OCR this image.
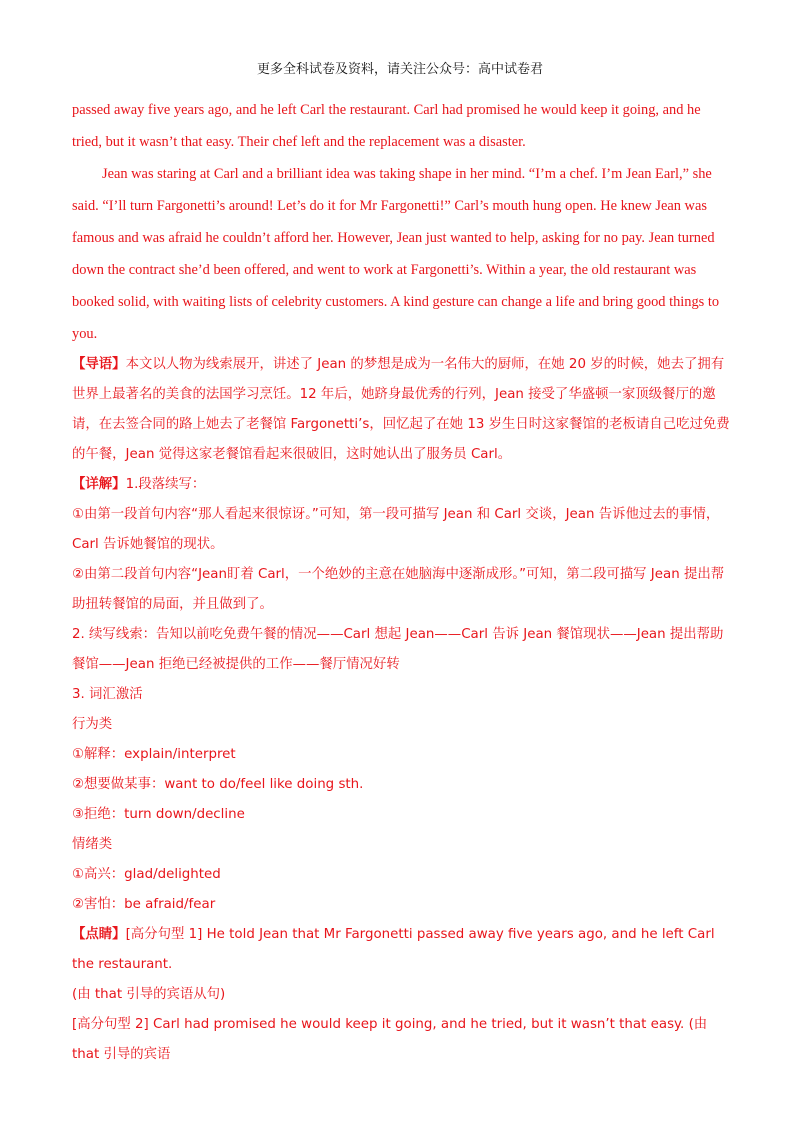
更多全科试卷及资料，请关注公众号：高中试卷君

passed away five years ago, and he left Carl the restaurant. Carl had promised he would keep it going, and he tried, but it wasn’t that easy. Their chef left and the replacement was a disaster.

Jean was staring at Carl and a brilliant idea was taking shape in her mind. “I’m a chef. I’m Jean Earl,” she said. “I’ll turn Fargonetti’s around! Let’s do it for Mr Fargonetti!” Carl’s mouth hung open. He knew Jean was famous and was afraid he couldn’t afford her. However, Jean just wanted to help, asking for no pay. Jean turned down the contract she’d been offered, and went to work at Fargonetti’s. Within a year, the old restaurant was booked solid, with waiting lists of celebrity customers. A kind gesture can change a life and bring good things to you.

【导语】本文以人物为线索展开，讲述了 Jean 的梦想是成为一名伟大的厨师，在她 20 岁的时候，她去了拥有世界上最著名的美食的法国学习烹饪。12 年后，她跻身最优秀的行列，Jean 接受了华盛顿一家顶级餐厅的邀请，在去签合同的路上她去了老餐馆 Fargonetti’s，回忆起了在她 13 岁生日时这家餐馆的老板请自己吃过免费的午餐，Jean 觉得这家老餐馆看起来很破旧，这时她认出了服务员 Carl。

【详解】1.段落续写：

①由第一段首句内容“那人看起来很惊讶。”可知，第一段可描写 Jean 和 Carl 交谈，Jean 告诉他过去的事情，Carl 告诉她餐馆的现状。

②由第二段首句内容“Jean盯着 Carl，一个绝妙的主意在她脑海中逐渐成形。”可知，第二段可描写 Jean 提出帮助扭转餐馆的局面，并且做到了。

2. 续写线索：告知以前吃免费午餐的情况——Carl 想起 Jean——Carl 告诉 Jean 餐馆现状——Jean 提出帮助餐馆——Jean 拒绝已经被提供的工作——餐厅情况好转

3. 词汇激活

行为类

①解释：explain/interpret

②想要做某事：want to do/feel like doing sth.

③拒绝：turn down/decline

情绪类

①高兴：glad/delighted

②害怕：be afraid/fear

【点睛】[高分句型 1] He told Jean that Mr Fargonetti passed away five years ago, and he left Carl the restaurant.

(由 that 引导的宾语从句)

[高分句型 2] Carl had promised he would keep it going, and he tried, but it wasn’t that easy. (由 that 引导的宾语
